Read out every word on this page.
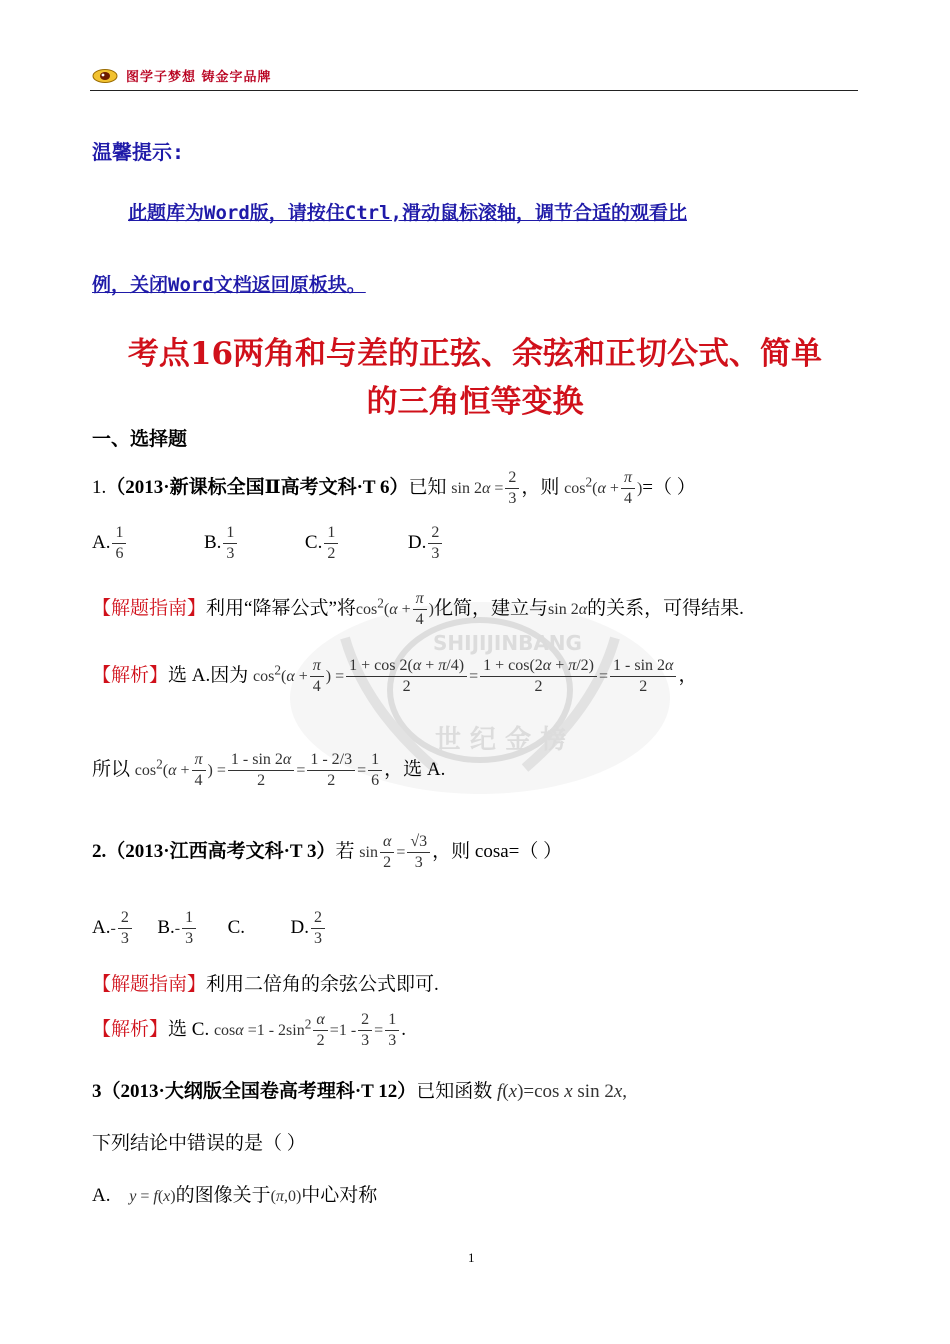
图学子梦想 铸金字品牌
温馨提示:
此题库为Word版，请按住Ctrl,滑动鼠标滚轴，调节合适的观看比
例，关闭Word文档返回原板块。
考点16两角和与差的正弦、余弦和正切公式、简单
的三角恒等变换
一、选择题
SHIJIJINBANG
世 纪 金 榜
1.（2013·新课标全国Ⅱ高考文科·T 6）已知 $\sin 2\alpha = \frac{2}{3}$ ，则 $\cos^2(\alpha + \frac{\pi}{4}$ )=（ ）
A. $\frac{1}{6}$	B. $\frac{1}{3}$	C. $\frac{1}{2}$	D. $\frac{2}{3}$
【解题指南】利用“降幂公式”将$\cos^2(\alpha + \frac{\pi}{4}$ )化简，建立与sin 2α的关系，可得结果.
【解析】选 A.因为 $\cos^2(\alpha + \frac{\pi}{4}$ ) = $\frac{1 + \cos 2(\alpha + \pi/4)}{2} = \frac{1 + \cos(2\alpha + \pi/2)}{2} = \frac{1 - \sin 2\alpha}{2}$ ，
所以 $\cos^2(\alpha + \frac{\pi}{4}$ ) = $\frac{1 - \sin 2\alpha}{2} = \frac{1 - 2/3}{2} = \frac{1}{6}$ ，选 A.
2.（2013·江西高考文科·T 3）若 $\sin \frac{\alpha}{2} = \frac{√3}{3}$ ，则 cosa=（ ）
$A.- \frac{2}{3} B.- \frac{1}{3} C$. D. $\frac{2}{3}$
【解题指南】利用二倍角的余弦公式即可.
【解析】选 C. $\cos\alpha =1 - 2\sin^2 \frac{\alpha}{2} =1 - \frac{2}{3} = \frac{1}{3}$ .
3（2013·大纲版全国卷高考理科·T 12）已知函数 f(x)=cos x sin 2x,
下列结论中错误的是（ ）
A. y = f(x)的图像关于(π,0)中心对称
1
